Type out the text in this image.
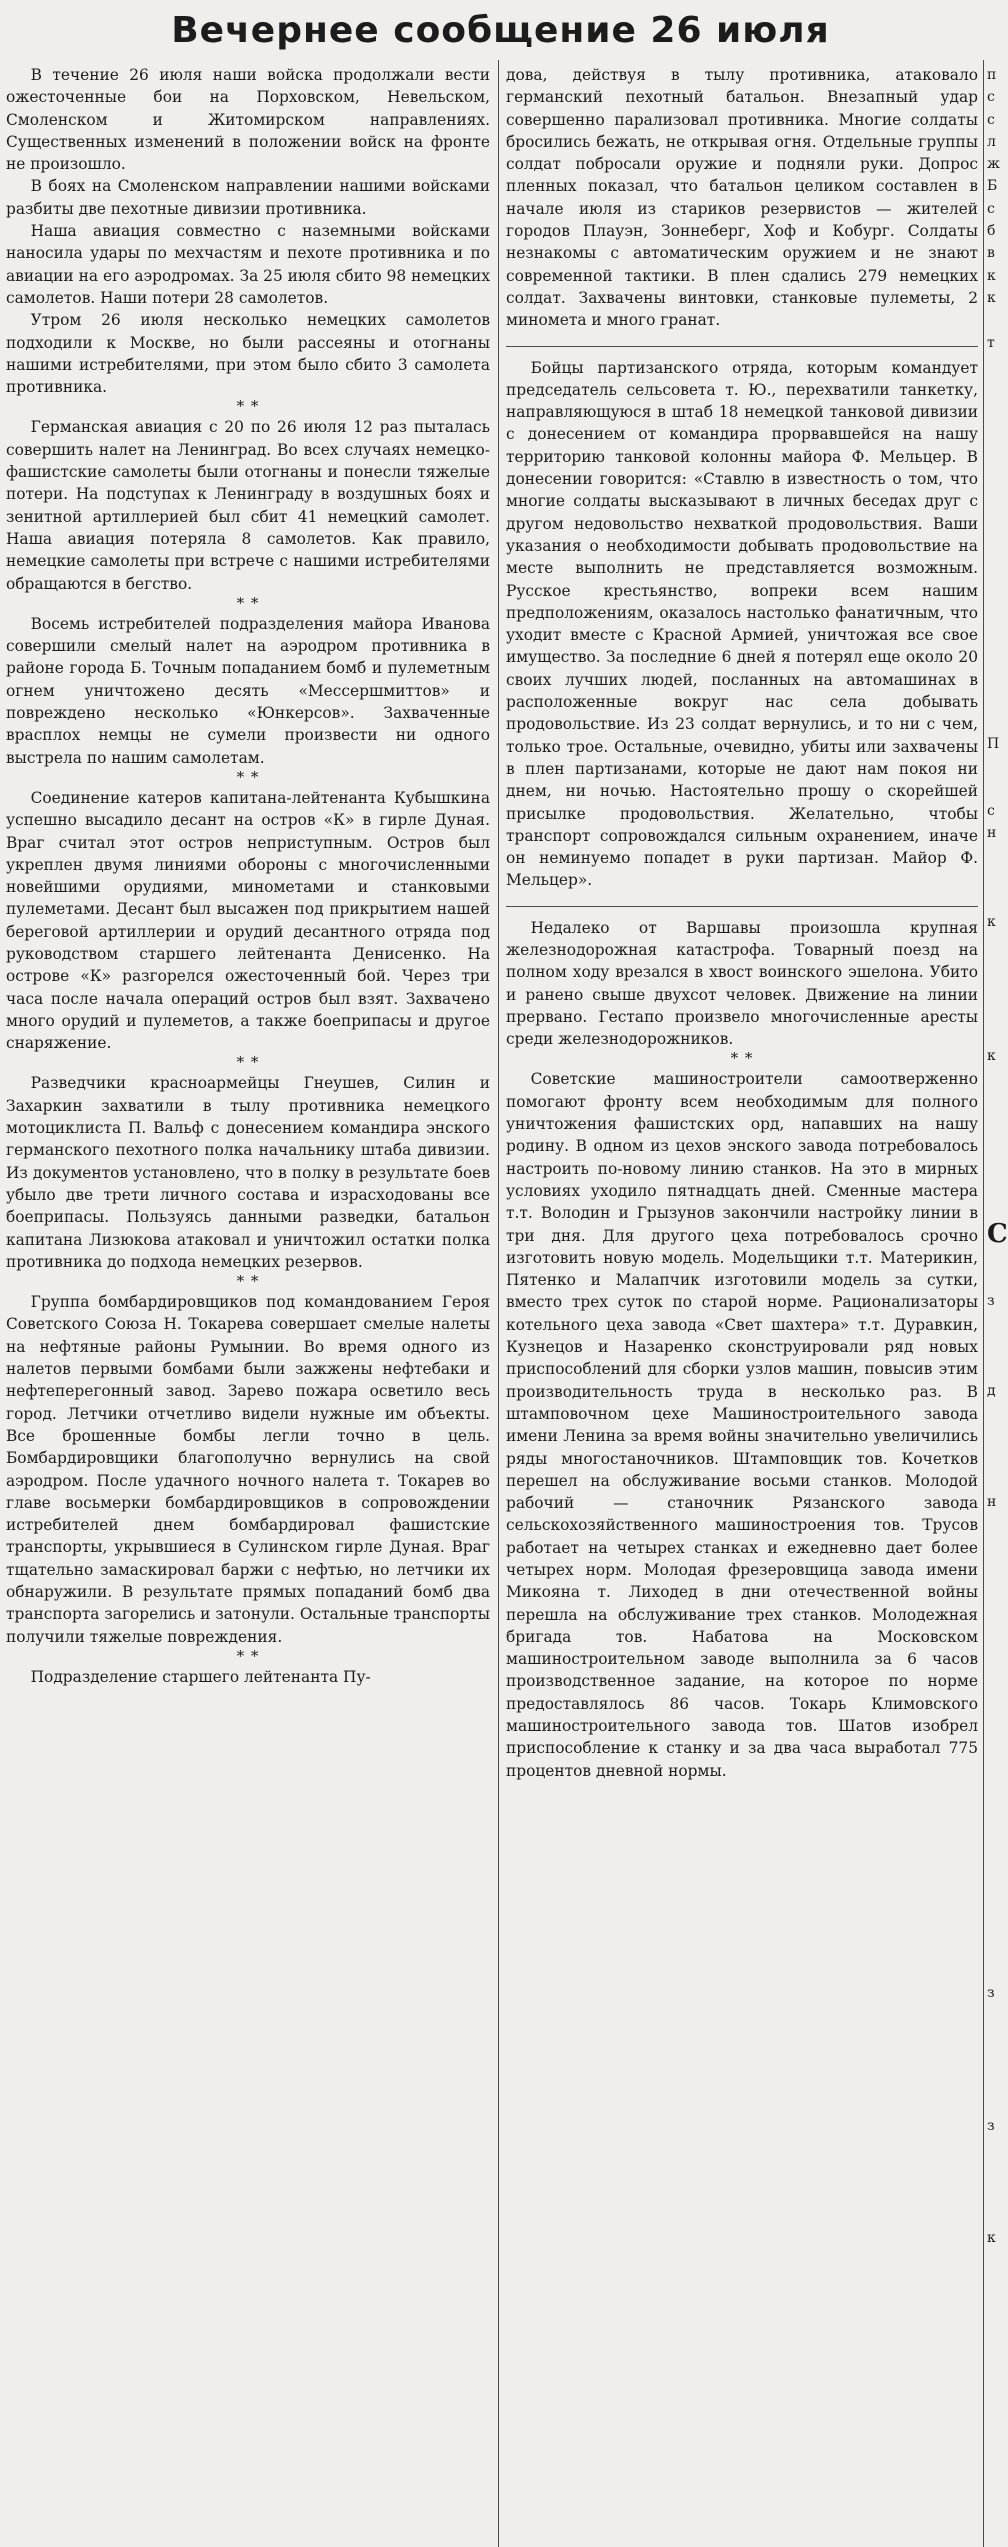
Вечернее сообщение 26 июля

В течение 26 июля наши войска продолжали вести ожесточенные бои на Порховском, Невельском, Смоленском и Житомирском направлениях. Существенных изменений в положении войск на фронте не произошло.

В боях на Смоленском направлении нашими войсками разбиты две пехотные дивизии противника.

Наша авиация совместно с наземными войсками наносила удары по мехчастям и пехоте противника и по авиации на его аэродромах. За 25 июля сбито 98 немецких самолетов. Наши потери 28 самолетов.

Утром 26 июля несколько немецких самолетов подходили к Москве, но были рассеяны и отогнаны нашими истребителями, при этом было сбито 3 самолета противника.

* *

Германская авиация с 20 по 26 июля 12 раз пыталась совершить налет на Ленинград. Во всех случаях немецко-фашистские самолеты были отогнаны и понесли тяжелые потери. На подступах к Ленинграду в воздушных боях и зенитной артиллерией был сбит 41 немецкий самолет. Наша авиация потеряла 8 самолетов. Как правило, немецкие самолеты при встрече с нашими истребителями обращаются в бегство.

* *

Восемь истребителей подразделения майора Иванова совершили смелый налет на аэродром противника в районе города Б. Точным попаданием бомб и пулеметным огнем уничтожено десять «Мессершмиттов» и повреждено несколько «Юнкерсов». Захваченные врасплох немцы не сумели произвести ни одного выстрела по нашим самолетам.

* *

Соединение катеров капитана-лейтенанта Кубышкина успешно высадило десант на остров «К» в гирле Дуная. Враг считал этот остров неприступным. Остров был укреплен двумя линиями обороны с многочисленными новейшими орудиями, минометами и станковыми пулеметами. Десант был высажен под прикрытием нашей береговой артиллерии и орудий десантного отряда под руководством старшего лейтенанта Денисенко. На острове «К» разгорелся ожесточенный бой. Через три часа после начала операций остров был взят. Захвачено много орудий и пулеметов, а также боеприпасы и другое снаряжение.

* *

Разведчики красноармейцы Гнеушев, Силин и Захаркин захватили в тылу противника немецкого мотоциклиста П. Вальф с донесением командира энского германского пехотного полка начальнику штаба дивизии. Из документов установлено, что в полку в результате боев убыло две трети личного состава и израсходованы все боеприпасы. Пользуясь данными разведки, батальон капитана Лизюкова атаковал и уничтожил остатки полка противника до подхода немецких резервов.

* *

Группа бомбардировщиков под командованием Героя Советского Союза Н. Токарева совершает смелые налеты на нефтяные районы Румынии. Во время одного из налетов первыми бомбами были зажжены нефтебаки и нефтеперегонный завод. Зарево пожара осветило весь город. Летчики отчетливо видели нужные им объекты. Все брошенные бомбы легли точно в цель. Бомбардировщики благополучно вернулись на свой аэродром. После удачного ночного налета т. Токарев во главе восьмерки бомбардировщиков в сопровождении истребителей днем бомбардировал фашистские транспорты, укрывшиеся в Сулинском гирле Дуная. Враг тщательно замаскировал баржи с нефтью, но летчики их обнаружили. В результате прямых попаданий бомб два транспорта загорелись и затонули. Остальные транспорты получили тяжелые повреждения.

* *

Подразделение старшего лейтенанта Пу-

дова, действуя в тылу противника, атаковало германский пехотный батальон. Внезапный удар совершенно парализовал противника. Многие солдаты бросились бежать, не открывая огня. Отдельные группы солдат побросали оружие и подняли руки. Допрос пленных показал, что батальон целиком составлен в начале июля из стариков резервистов — жителей городов Плауэн, Зоннеберг, Хоф и Кобург. Солдаты незнакомы с автоматическим оружием и не знают современной тактики. В плен сдались 279 немецких солдат. Захвачены винтовки, станковые пулеметы, 2 миномета и много гранат.

Бойцы партизанского отряда, которым командует председатель сельсовета т. Ю., перехватили танкетку, направляющуюся в штаб 18 немецкой танковой дивизии с донесением от командира прорвавшейся на нашу территорию танковой колонны майора Ф. Мельцер. В донесении говорится: «Ставлю в известность о том, что многие солдаты высказывают в личных беседах друг с другом недовольство нехваткой продовольствия. Ваши указания о необходимости добывать продовольствие на месте выполнить не представляется возможным. Русское крестьянство, вопреки всем нашим предположениям, оказалось настолько фанатичным, что уходит вместе с Красной Армией, уничтожая все свое имущество. За последние 6 дней я потерял еще около 20 своих лучших людей, посланных на автомашинах в расположенные вокруг нас села добывать продовольствие. Из 23 солдат вернулись, и то ни с чем, только трое. Остальные, очевидно, убиты или захвачены в плен партизанами, которые не дают нам покоя ни днем, ни ночью. Настоятельно прошу о скорейшей присылке продовольствия. Желательно, чтобы транспорт сопровождался сильным охранением, иначе он неминуемо попадет в руки партизан. Майор Ф. Мельцер».

Недалеко от Варшавы произошла крупная железнодорожная катастрофа. Товарный поезд на полном ходу врезался в хвост воинского эшелона. Убито и ранено свыше двухсот человек. Движение на линии прервано. Гестапо произвело многочисленные аресты среди железнодорожников.

* *

Советские машиностроители самоотверженно помогают фронту всем необходимым для полного уничтожения фашистских орд, напавших на нашу родину. В одном из цехов энского завода потребовалось настроить по-новому линию станков. На это в мирных условиях уходило пятнадцать дней. Сменные мастера т.т. Володин и Грызунов закончили настройку линии в три дня. Для другого цеха потребовалось срочно изготовить новую модель. Модельщики т.т. Материкин, Пятенко и Малапчик изготовили модель за сутки, вместо трех суток по старой норме. Рационализаторы котельного цеха завода «Свет шахтера» т.т. Дуравкин, Кузнецов и Назаренко сконструировали ряд новых приспособлений для сборки узлов машин, повысив этим производительность труда в несколько раз. В штамповочном цехе Машиностроительного завода имени Ленина за время войны значительно увеличились ряды многостаночников. Штамповщик тов. Кочетков перешел на обслуживание восьми станков. Молодой рабочий — станочник Рязанского завода сельскохозяйственного машиностроения тов. Трусов работает на четырех станках и ежедневно дает более четырех норм. Молодая фрезеровщица завода имени Микояна т. Лиходед в дни отечественной войны перешла на обслуживание трех станков. Молодежная бригада тов. Набатова на Московском машиностроительном заводе выполнила за 6 часов производственное задание, на которое по норме предоставлялось 86 часов. Токарь Климовского машиностроительного завода тов. Шатов изобрел приспособление к станку и за два часа выработал 775 процентов дневной нормы.

п
с
с
л
ж
Б
с
б
в
к
к
т
П
с
н
к
к
С
з
д
н
з
з
к
